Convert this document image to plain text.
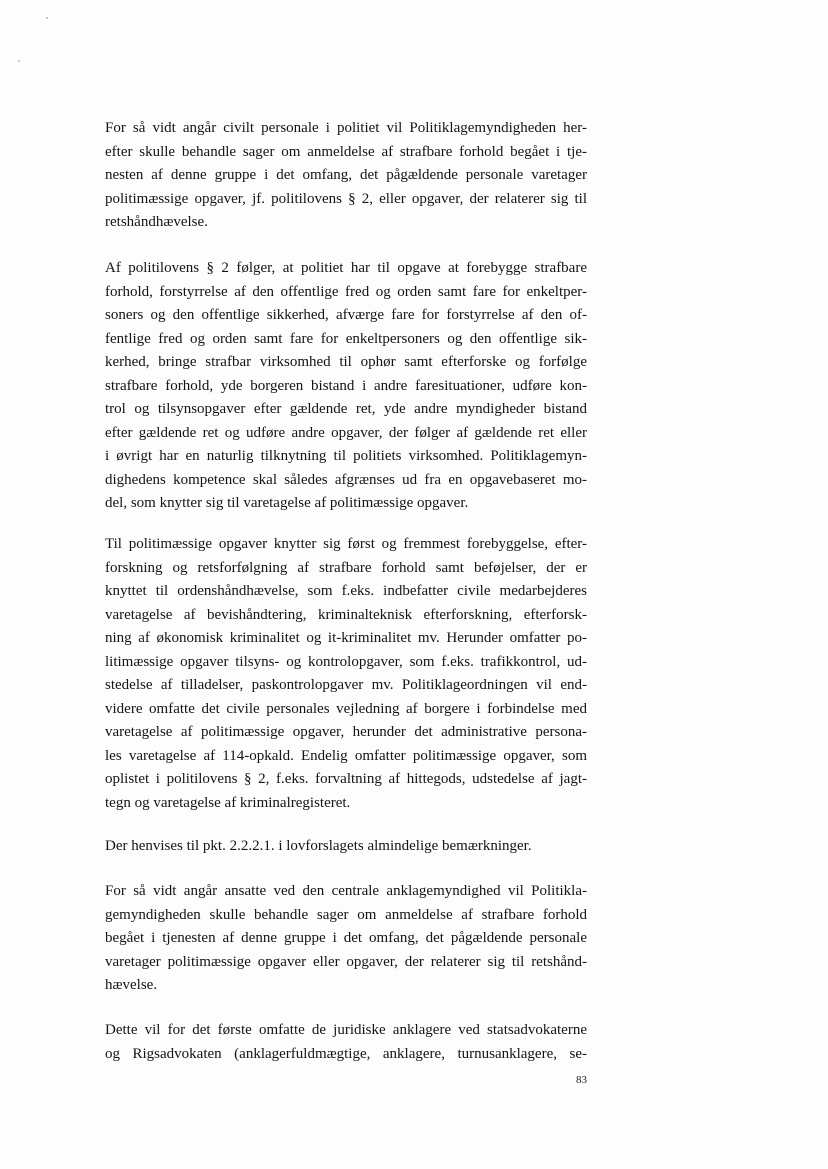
For så vidt angår civilt personale i politiet vil Politiklagemyndigheden her-
efter skulle behandle sager om anmeldelse af strafbare forhold begået i tje-
nesten af denne gruppe i det omfang, det pågældende personale varetager
politimæssige opgaver, jf. politilovens § 2, eller opgaver, der relaterer sig til
retshåndhævelse.

Af politilovens § 2 følger, at politiet har til opgave at forebygge strafbare
forhold, forstyrrelse af den offentlige fred og orden samt fare for enkeltper-
soners og den offentlige sikkerhed, afværge fare for forstyrrelse af den of-
fentlige fred og orden samt fare for enkeltpersoners og den offentlige sik-
kerhed, bringe strafbar virksomhed til ophør samt efterforske og forfølge
strafbare forhold, yde borgeren bistand i andre faresituationer, udføre kon-
trol og tilsynsopgaver efter gældende ret, yde andre myndigheder bistand
efter gældende ret og udføre andre opgaver, der følger af gældende ret eller
i øvrigt har en naturlig tilknytning til politiets virksomhed. Politiklagemyn-
dighedens kompetence skal således afgrænses ud fra en opgavebaseret mo-
del, som knytter sig til varetagelse af politimæssige opgaver.

Til politimæssige opgaver knytter sig først og fremmest forebyggelse, efter-
forskning og retsforfølgning af strafbare forhold samt beføjelser, der er
knyttet til ordenshåndhævelse, som f.eks. indbefatter civile medarbejderes
varetagelse af bevishåndtering, kriminalteknisk efterforskning, efterforsk-
ning af økonomisk kriminalitet og it-kriminalitet mv. Herunder omfatter po-
litimæssige opgaver tilsyns- og kontrolopgaver, som f.eks. trafikkontrol, ud-
stedelse af tilladelser, paskontrolopgaver mv. Politiklageordningen vil end-
videre omfatte det civile personales vejledning af borgere i forbindelse med
varetagelse af politimæssige opgaver, herunder det administrative persona-
les varetagelse af 114-opkald. Endelig omfatter politimæssige opgaver, som
oplistet i politilovens § 2, f.eks. forvaltning af hittegods, udstedelse af jagt-
tegn og varetagelse af kriminalregisteret.

Der henvises til pkt. 2.2.2.1. i lovforslagets almindelige bemærkninger.

For så vidt angår ansatte ved den centrale anklagemyndighed vil Politikla-
gemyndigheden skulle behandle sager om anmeldelse af strafbare forhold
begået i tjenesten af denne gruppe i det omfang, det pågældende personale
varetager politimæssige opgaver eller opgaver, der relaterer sig til retshånd-
hævelse.

Dette vil for det første omfatte de juridiske anklagere ved statsadvokaterne
og Rigsadvokaten (anklagerfuldmægtige, anklagere, turnusanklagere, se-

83
